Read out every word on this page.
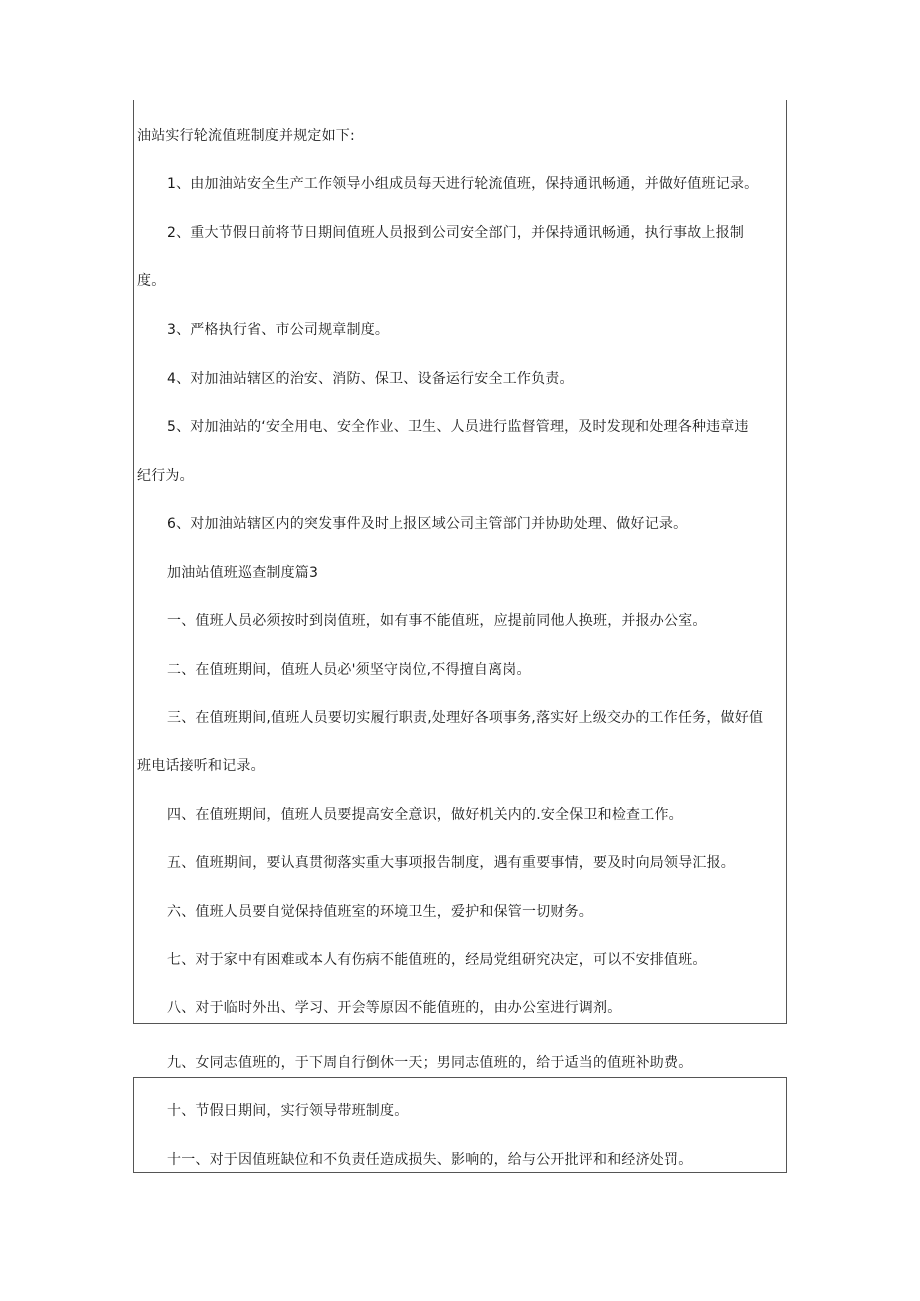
油站实行轮流值班制度并规定如下:
1、由加油站安全生产工作领导小组成员每天进行轮流值班，保持通讯畅通，并做好值班记录。
2、重大节假日前将节日期间值班人员报到公司安全部门，并保持通讯畅通，执行事故上报制
度。
3、严格执行省、市公司规章制度。
4、对加油站辖区的治安、消防、保卫、设备运行安全工作负责。
5、对加油站的‘安全用电、安全作业、卫生、人员进行监督管理，及时发现和处理各种违章违
纪行为。
6、对加油站辖区内的突发事件及时上报区域公司主管部门并协助处理、做好记录。
加油站值班巡查制度篇3
一、值班人员必须按时到岗值班，如有事不能值班，应提前同他人换班，并报办公室。
二、在值班期间，值班人员必'须坚守岗位,不得擅自离岗。
三、在值班期间,值班人员要切实履行职责,处理好各项事务,落实好上级交办的工作任务，做好值
班电话接听和记录。
四、在值班期间，值班人员要提高安全意识，做好机关内的.安全保卫和检查工作。
五、值班期间，要认真贯彻落实重大事项报告制度，遇有重要事情，要及时向局领导汇报。
六、值班人员要自觉保持值班室的环境卫生，爱护和保管一切财务。
七、对于家中有困难或本人有伤病不能值班的，经局党组研究决定，可以不安排值班。
八、对于临时外出、学习、开会等原因不能值班的，由办公室进行调剂。
九、女同志值班的，于下周自行倒休一天；男同志值班的，给于适当的值班补助费。
十、节假日期间，实行领导带班制度。
十一、对于因值班缺位和不负责任造成损失、影响的，给与公开批评和和经济处罚。
